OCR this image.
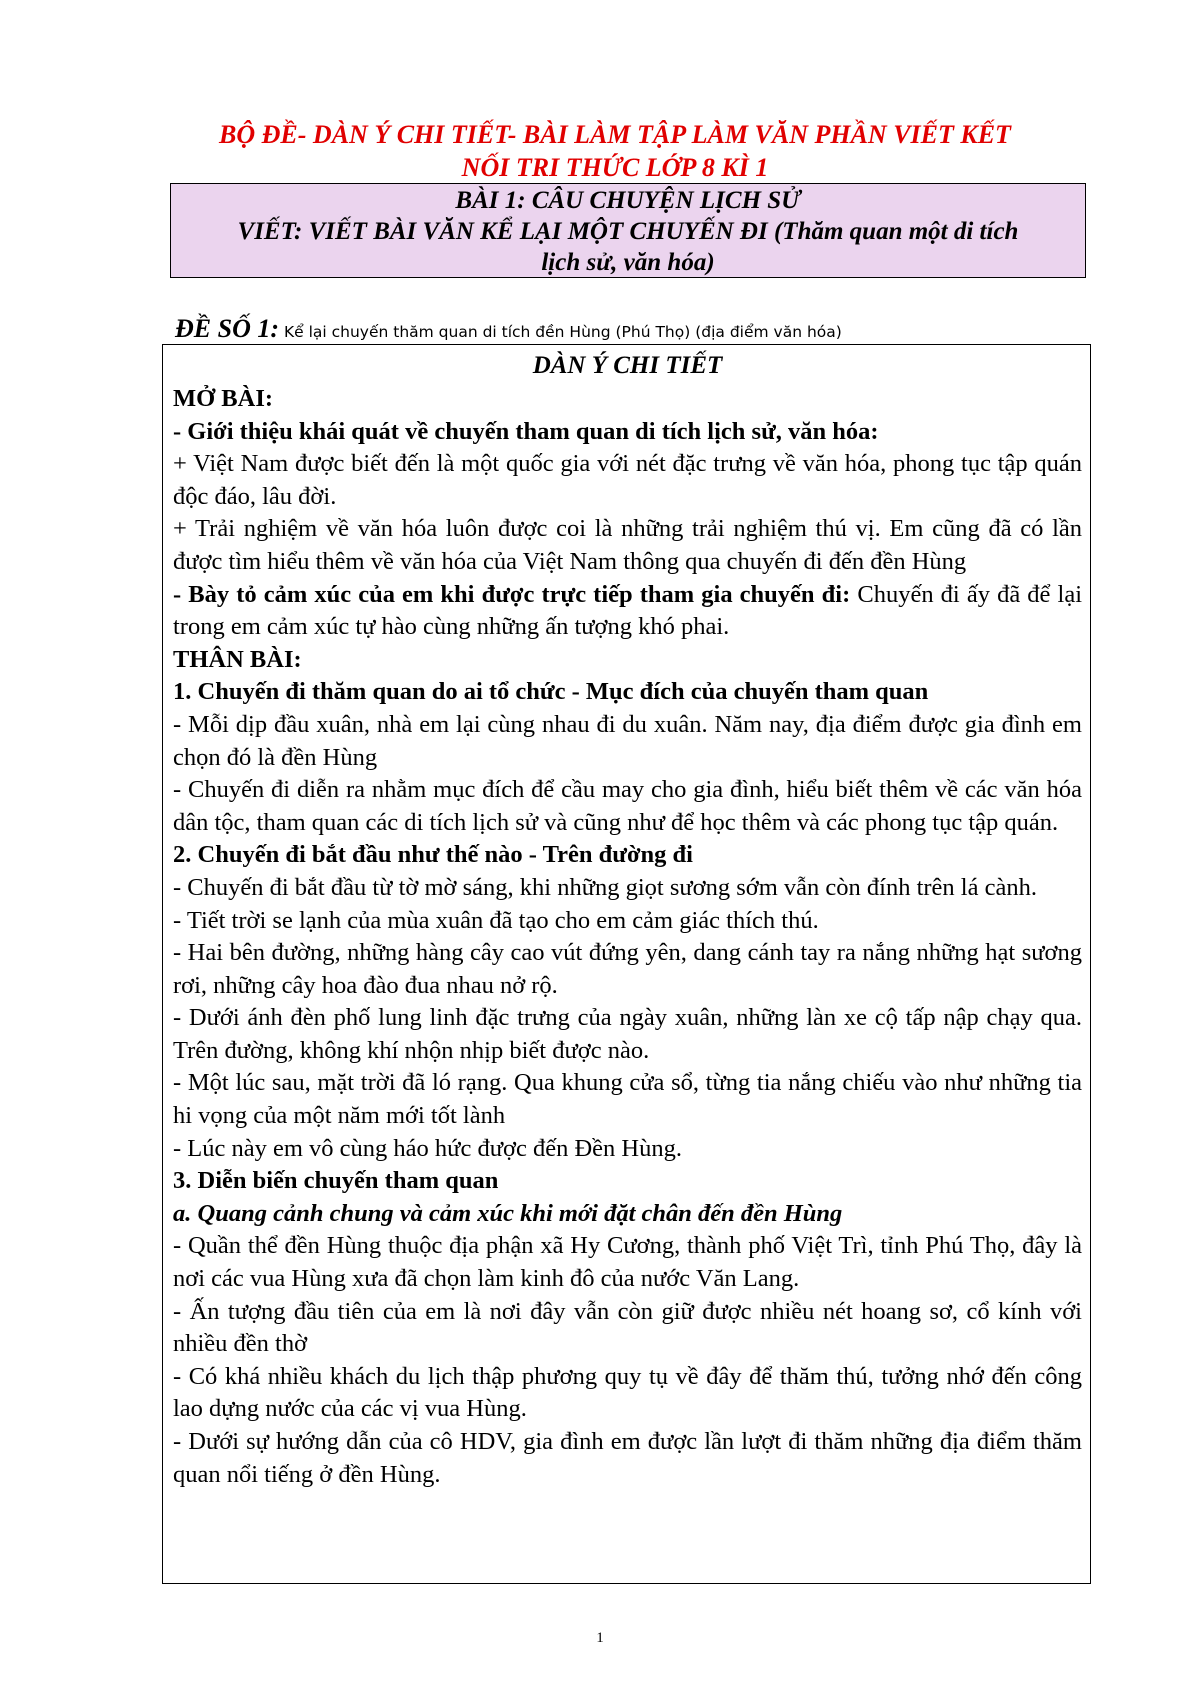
BỘ ĐỀ- DÀN Ý CHI TIẾT- BÀI LÀM TẬP LÀM VĂN PHẦN VIẾT KẾT
NỐI TRI THỨC LỚP 8 KÌ 1
BÀI 1: CÂU CHUYỆN LỊCH SỬ
VIẾT: VIẾT BÀI VĂN KỂ LẠI MỘT CHUYẾN ĐI (Thăm quan một di tích
lịch sử, văn hóa)
ĐỀ SỐ 1: Kể lại chuyến thăm quan di tích đền Hùng (Phú Thọ) (địa điểm văn hóa)
DÀN Ý CHI TIẾT
MỞ BÀI:
- Giới thiệu khái quát về chuyến tham quan di tích lịch sử, văn hóa:
+ Việt Nam được biết đến là một quốc gia với nét đặc trưng về văn hóa, phong tục tập quán độc đáo, lâu đời.
+ Trải nghiệm về văn hóa luôn được coi là những trải nghiệm thú vị. Em cũng đã có lần được tìm hiểu thêm về văn hóa của Việt Nam thông qua chuyến đi đến đền Hùng
- Bày tỏ cảm xúc của em khi được trực tiếp tham gia chuyến đi: Chuyến đi ấy đã để lại trong em cảm xúc tự hào cùng những ấn tượng khó phai.
THÂN BÀI:
1. Chuyến đi thăm quan do ai tổ chức - Mục đích của chuyến tham quan
- Mỗi dịp đầu xuân, nhà em lại cùng nhau đi du xuân. Năm nay, địa điểm được gia đình em chọn đó là đền Hùng
- Chuyến đi diễn ra nhằm mục đích để cầu may cho gia đình, hiểu biết thêm về các văn hóa dân tộc, tham quan các di tích lịch sử và cũng như để học thêm và các phong tục tập quán.
2. Chuyến đi bắt đầu như thế nào - Trên đường đi
- Chuyến đi bắt đầu từ tờ mờ sáng, khi những giọt sương sớm vẫn còn đính trên lá cành.
- Tiết trời se lạnh của mùa xuân đã tạo cho em cảm giác thích thú.
- Hai bên đường, những hàng cây cao vút đứng yên, dang cánh tay ra nắng những hạt sương rơi, những cây hoa đào đua nhau nở rộ.
- Dưới ánh đèn phố lung linh đặc trưng của ngày xuân, những làn xe cộ tấp nập chạy qua. Trên đường, không khí nhộn nhịp biết được nào.
- Một lúc sau, mặt trời đã ló rạng. Qua khung cửa sổ, từng tia nắng chiếu vào như những tia hi vọng của một năm mới tốt lành
- Lúc này em vô cùng háo hức được đến Đền Hùng.
3. Diễn biến chuyến tham quan
a. Quang cảnh chung và cảm xúc khi mới đặt chân đến đền Hùng
- Quần thể đền Hùng thuộc địa phận xã Hy Cương, thành phố Việt Trì, tỉnh Phú Thọ, đây là nơi các vua Hùng xưa đã chọn làm kinh đô của nước Văn Lang.
- Ấn tượng đầu tiên của em là nơi đây vẫn còn giữ được nhiều nét hoang sơ, cổ kính với nhiều đền thờ
- Có khá nhiều khách du lịch thập phương quy tụ về đây để thăm thú, tưởng nhớ đến công lao dựng nước của các vị vua Hùng.
- Dưới sự hướng dẫn của cô HDV, gia đình em được lần lượt đi thăm những địa điểm thăm quan nổi tiếng ở đền Hùng.
1
